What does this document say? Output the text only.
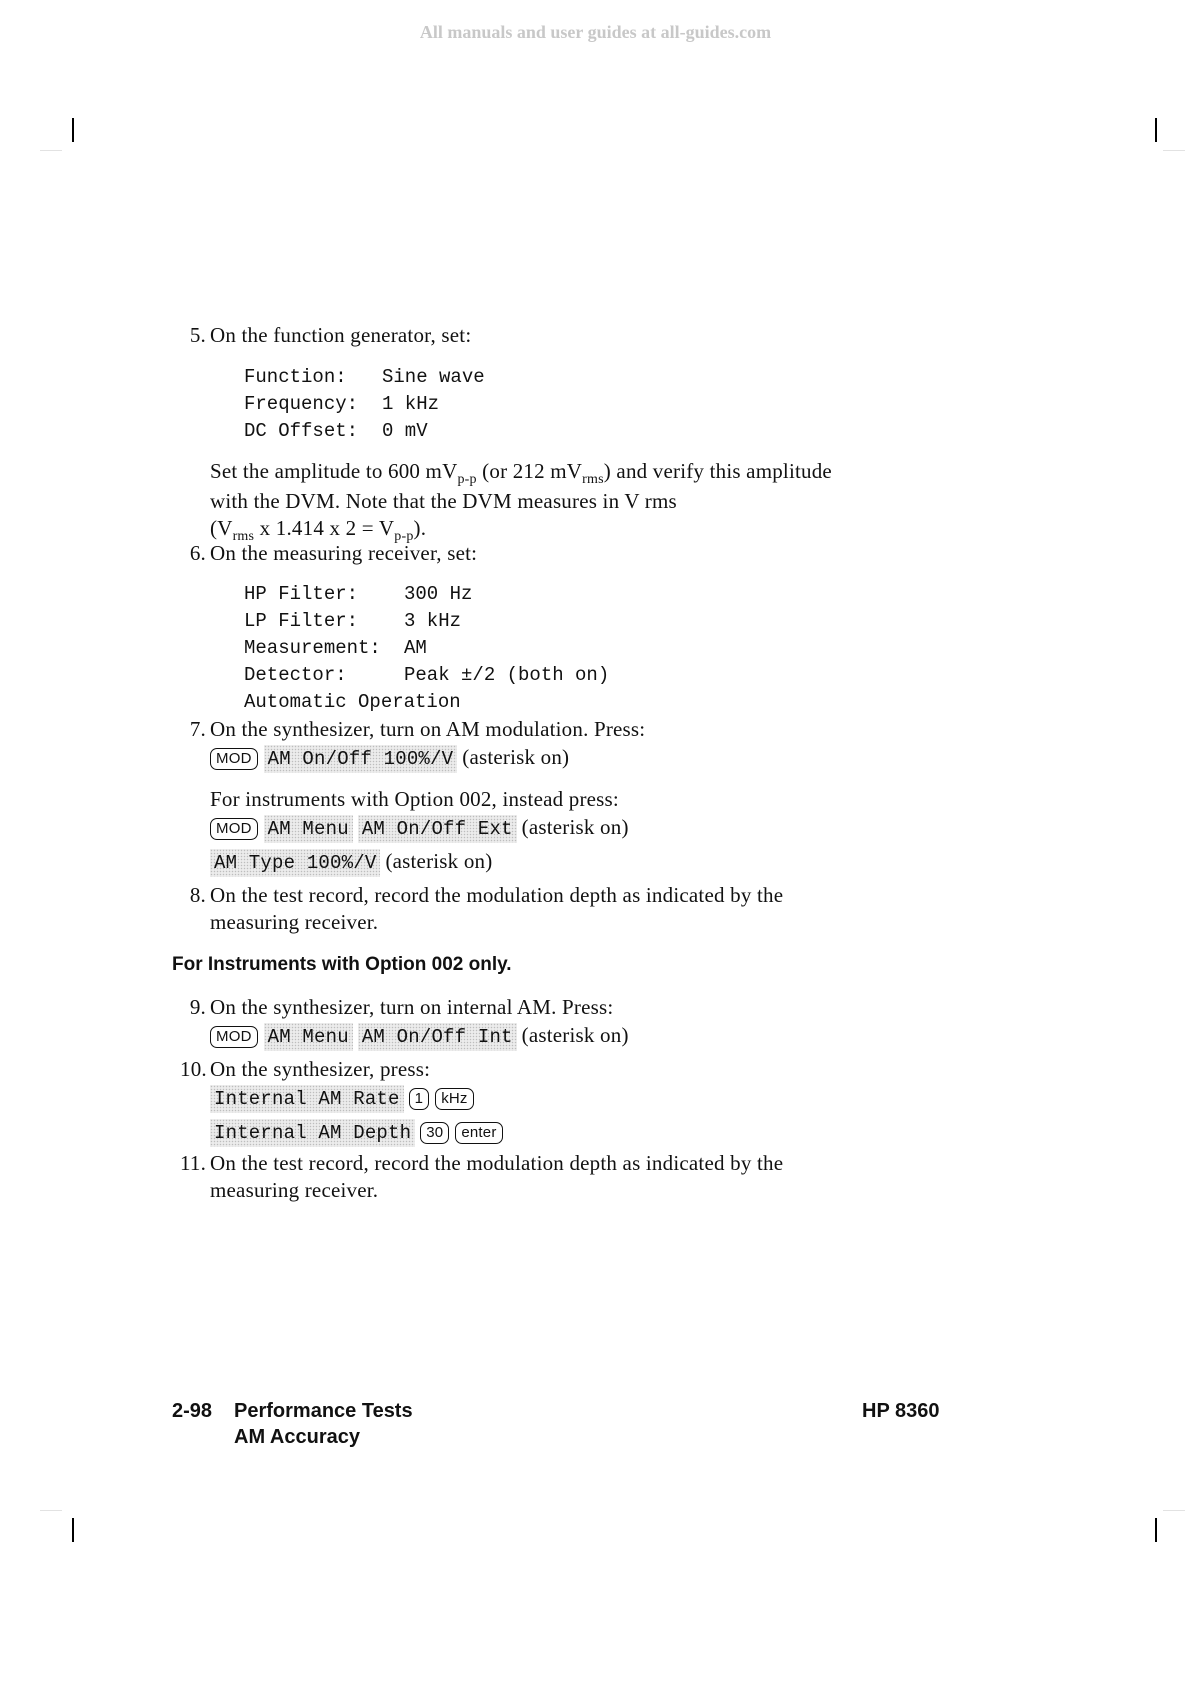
All manuals and user guides at all-guides.com
5. On the function generator, set:
Function: Sine wave
Frequency: 1 kHz
DC Offset: 0 mV
Set the amplitude to 600 $mV_{p-p}$ (or 212 $mV_{rms}$) and verify this amplitude
with the DVM. Note that the DVM measures in V rms
($V_{rms}$ x 1.414 x $2 = V_{p-p}$).
6. On the measuring receiver, set:
HP Filter: 300 Hz
LP Filter: 3 kHz
Measurement: AM
Detector:	Peak ±/2 (both on)
Automatic Operation
7. On the synthesizer, turn on AM modulation. Press:
MOD AM On/Off 100%/V (asterisk on)
For instruments with Option 002, instead press:
MOD AM Menu AM On/Off Ext (asterisk on)
AM Type 100%/V (asterisk on)
8. On the test record, record the modulation depth as indicated by the
measuring receiver.
For Instruments with Option 002 only.
9. On the synthesizer, turn on internal AM. Press:
MOD AM Menu AM On/Off Int (asterisk on)
10. On the synthesizer, press:
Internal AM Rate 1 kHz
Internal AM Depth 30 enter
11. On the test record, record the modulation depth as indicated by the
measuring receiver.
2-98 Performance Tests
AM Accuracy
HP 8360
